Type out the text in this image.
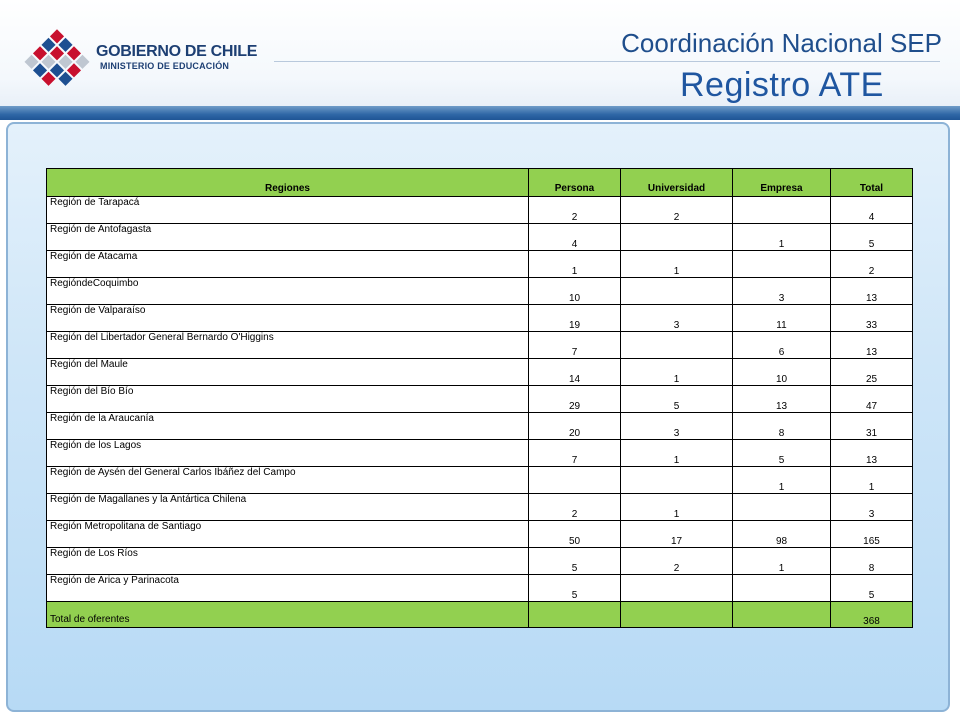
GOBIERNO DE CHILE
MINISTERIO DE EDUCACIÓN
Coordinación Nacional SEP
Registro ATE
Regiones	Persona	Universidad	Empresa	Total
Región de Tarapacá	2	2		4
Región de Antofagasta	4		1	5
Región de Atacama	1	1		2
RegióndeCoquimbo	10		3	13
Región de Valparaíso	19	3	11	33
Región del Libertador General Bernardo O'Higgins	7		6	13
Región del Maule	14	1	10	25
Región del Bío Bío	29	5	13	47
Región de la Araucanía	20	3	8	31
Región de los Lagos	7	1	5	13
Región de Aysén del General Carlos Ibáñez del Campo			1	1
Región de Magallanes y la Antártica Chilena	2	1		3
Región Metropolitana de Santiago	50	17	98	165
Región de Los Ríos	5	2	1	8
Región de Arica y Parinacota	5			5
Total de oferentes				368
